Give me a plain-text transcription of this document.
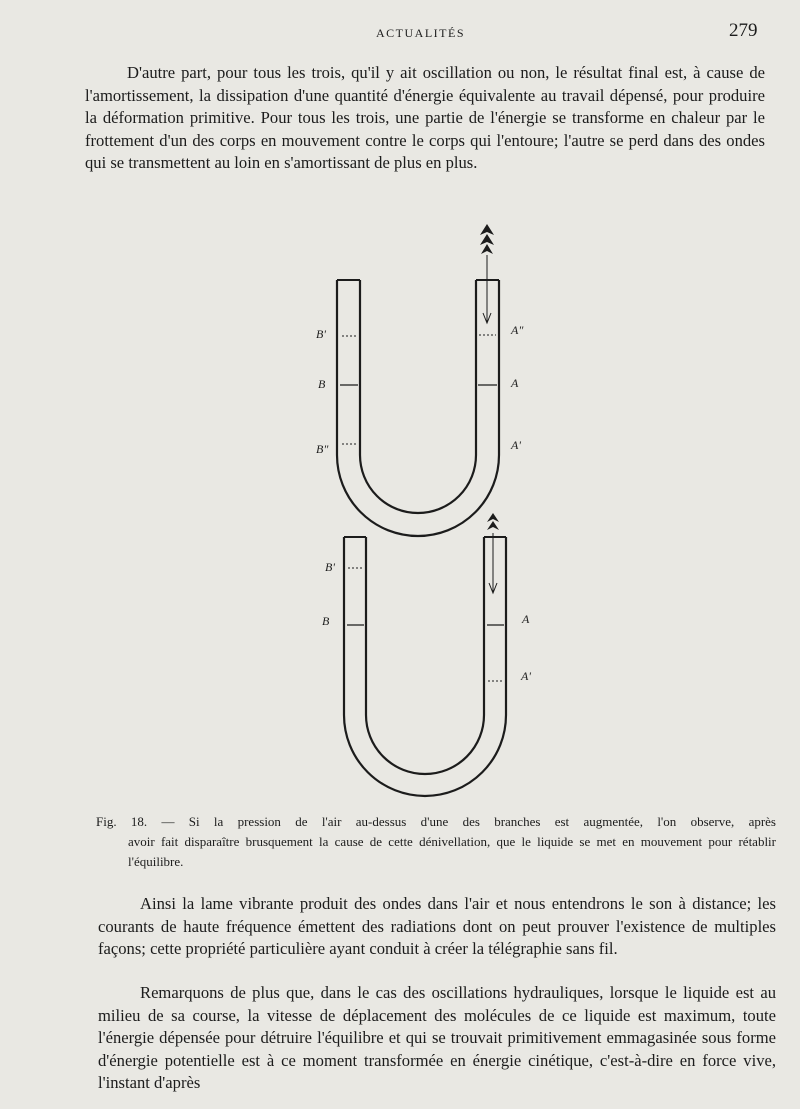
ACTUALITÉS	279

D'autre part, pour tous les trois, qu'il y ait oscillation ou non, le résultat final est, à cause de l'amortissement, la dissipation d'une quantité d'énergie équivalente au travail dépensé, pour produire la déformation primitive. Pour tous les trois, une partie de l'énergie se transforme en chaleur par le frottement d'un des corps en mouvement contre le corps qui l'entoure; l'autre se perd dans des ondes qui se transmettent au loin en s'amortissant de plus en plus.

B'
B
B"
A"
A
A'
B'
B	A
A'

Fig. 18. — Si la pression de l'air au-dessus d'une des branches est augmentée, l'on observe, après
avoir fait disparaître brusquement la cause de cette dénivellation, que le liquide se met en mouvement pour rétablir l'équilibre.

Ainsi la lame vibrante produit des ondes dans l'air et nous entendrons le son à distance; les courants de haute fréquence émettent des radiations dont on peut prouver l'existence de multiples façons; cette propriété particulière ayant conduit à créer la télégraphie sans fil.

Remarquons de plus que, dans le cas des oscillations hydrauliques, lorsque le liquide est au milieu de sa course, la vitesse de déplacement des molécules de ce liquide est maximum, toute l'énergie dépensée pour détruire l'équilibre et qui se trouvait primitivement emmagasinée sous forme d'énergie potentielle est à ce moment transformée en énergie cinétique, c'est-à-dire en force vive, l'instant d'après
